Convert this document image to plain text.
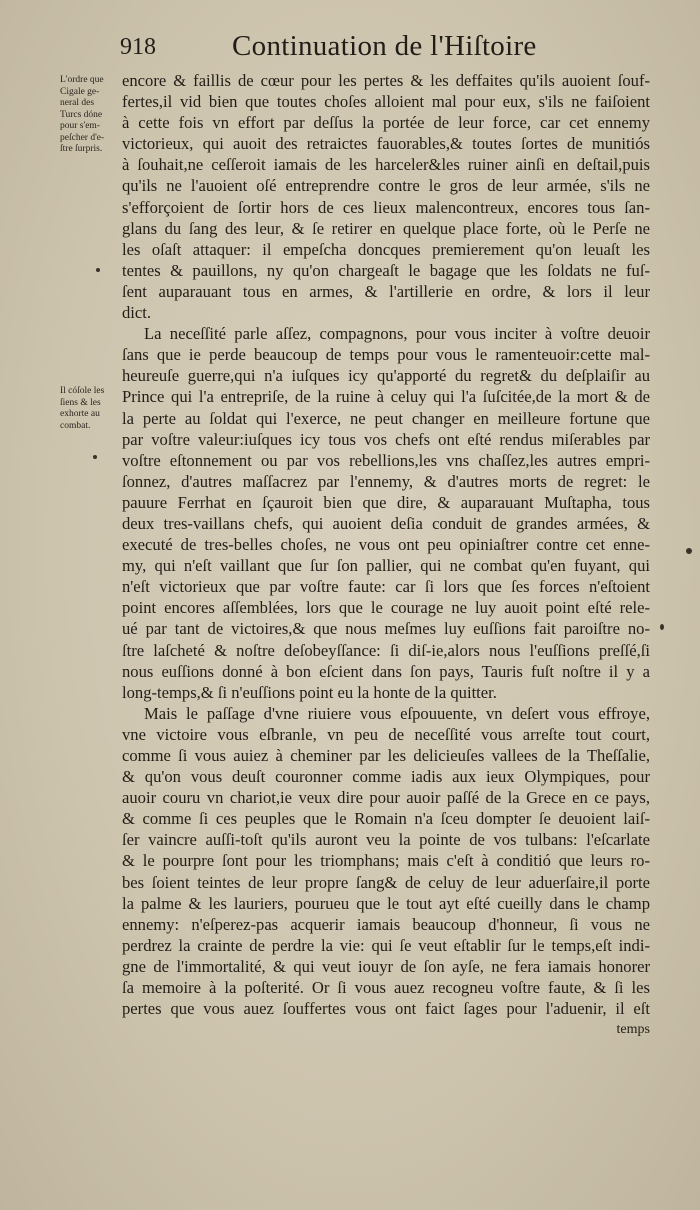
918	Continuation de l'Hiſtoire
L'ordre que
Cigale ge-
neral des
Turcs dóne
pour s'em-
peſcher d'e-
ſtre ſurpris.
Il cóſole les
ſiens & les
exhorte au
combat.
encore & faillis de cœur pour les pertes & les deffaites qu'ils auoient ſouf-
fertes,il vid bien que toutes choſes alloient mal pour eux, s'ils ne faiſoient
à cette fois vn effort par deſſus la portée de leur force, car cet ennemy
victorieux, qui auoit des retraictes fauorables,& toutes ſortes de munitiós
à ſouhait,ne ceſſeroit iamais de les harceler&les ruiner ainſi en deſtail,puis
qu'ils ne l'auoient oſé entreprendre contre le gros de leur armée, s'ils ne
s'efforçoient de ſortir hors de ces lieux malencontreux, encores tous ſan-
glans du ſang des leur, & ſe retirer en quelque place forte, où le Perſe ne
les oſaſt attaquer: il empeſcha doncques premierement qu'on leuaſt les
tentes & pauillons, ny qu'on chargeaſt le bagage que les ſoldats ne fuſ-
ſent auparauant tous en armes, & l'artillerie en ordre, & lors il leur
dict.
La neceſſité parle aſſez, compagnons, pour vous inciter à voſtre deuoir
ſans que ie perde beaucoup de temps pour vous le ramenteuoir:cette mal-
heureuſe guerre,qui n'a iuſques icy qu'apporté du regret& du deſplaiſir au
Prince qui l'a entrepriſe, de la ruine à celuy qui l'a ſuſcitée,de la mort & de
la perte au ſoldat qui l'exerce, ne peut changer en meilleure fortune que
par voſtre valeur:iuſques icy tous vos chefs ont eſté rendus miſerables par
voſtre eſtonnement ou par vos rebellions,les vns chaſſez,les autres empri-
ſonnez, d'autres maſſacrez par l'ennemy, & d'autres morts de regret: le
pauure Ferrhat en ſçauroit bien que dire, & auparauant Muſtapha, tous
deux tres-vaillans chefs, qui auoient deſia conduit de grandes armées, &
executé de tres-belles choſes, ne vous ont peu opiniaſtrer contre cet enne-
my, qui n'eſt vaillant que ſur ſon pallier, qui ne combat qu'en fuyant, qui
n'eſt victorieux que par voſtre faute: car ſi lors que ſes forces n'eſtoient
point encores aſſemblées, lors que le courage ne luy auoit point eſté rele-
ué par tant de victoires,& que nous meſmes luy euſſions fait paroiſtre no-
ſtre laſcheté & noſtre deſobeyſſance: ſi diſ-ie,alors nous l'euſſions preſſé,ſi
nous euſſions donné à bon eſcient dans ſon pays, Tauris fuſt noſtre il y a
long-temps,& ſi n'euſſions point eu la honte de la quitter.
Mais le paſſage d'vne riuiere vous eſpouuente, vn deſert vous effroye,
vne victoire vous eſbranle, vn peu de neceſſité vous arreſte tout court,
comme ſi vous auiez à cheminer par les delicieuſes vallees de la Theſſalie,
& qu'on vous deuſt couronner comme iadis aux ieux Olympiques, pour
auoir couru vn chariot,ie veux dire pour auoir paſſé de la Grece en ce pays,
& comme ſi ces peuples que le Romain n'a ſceu dompter ſe deuoient laiſ-
ſer vaincre auſſi-toſt qu'ils auront veu la pointe de vos tulbans: l'eſcarlate
& le pourpre ſont pour les triomphans; mais c'eſt à conditió que leurs ro-
bes ſoient teintes de leur propre ſang& de celuy de leur aduerſaire,il porte
la palme & les lauriers, pourueu que le tout ayt eſté cueilly dans le champ
ennemy: n'eſperez-pas acquerir iamais beaucoup d'honneur, ſi vous ne
perdrez la crainte de perdre la vie: qui ſe veut eſtablir ſur le temps,eſt indi-
gne de l'immortalité, & qui veut iouyr de ſon ayſe, ne fera iamais honorer
ſa memoire à la poſterité. Or ſi vous auez recogneu voſtre faute, & ſi les
pertes que vous auez ſouffertes vous ont faict ſages pour l'aduenir, il eſt
temps
